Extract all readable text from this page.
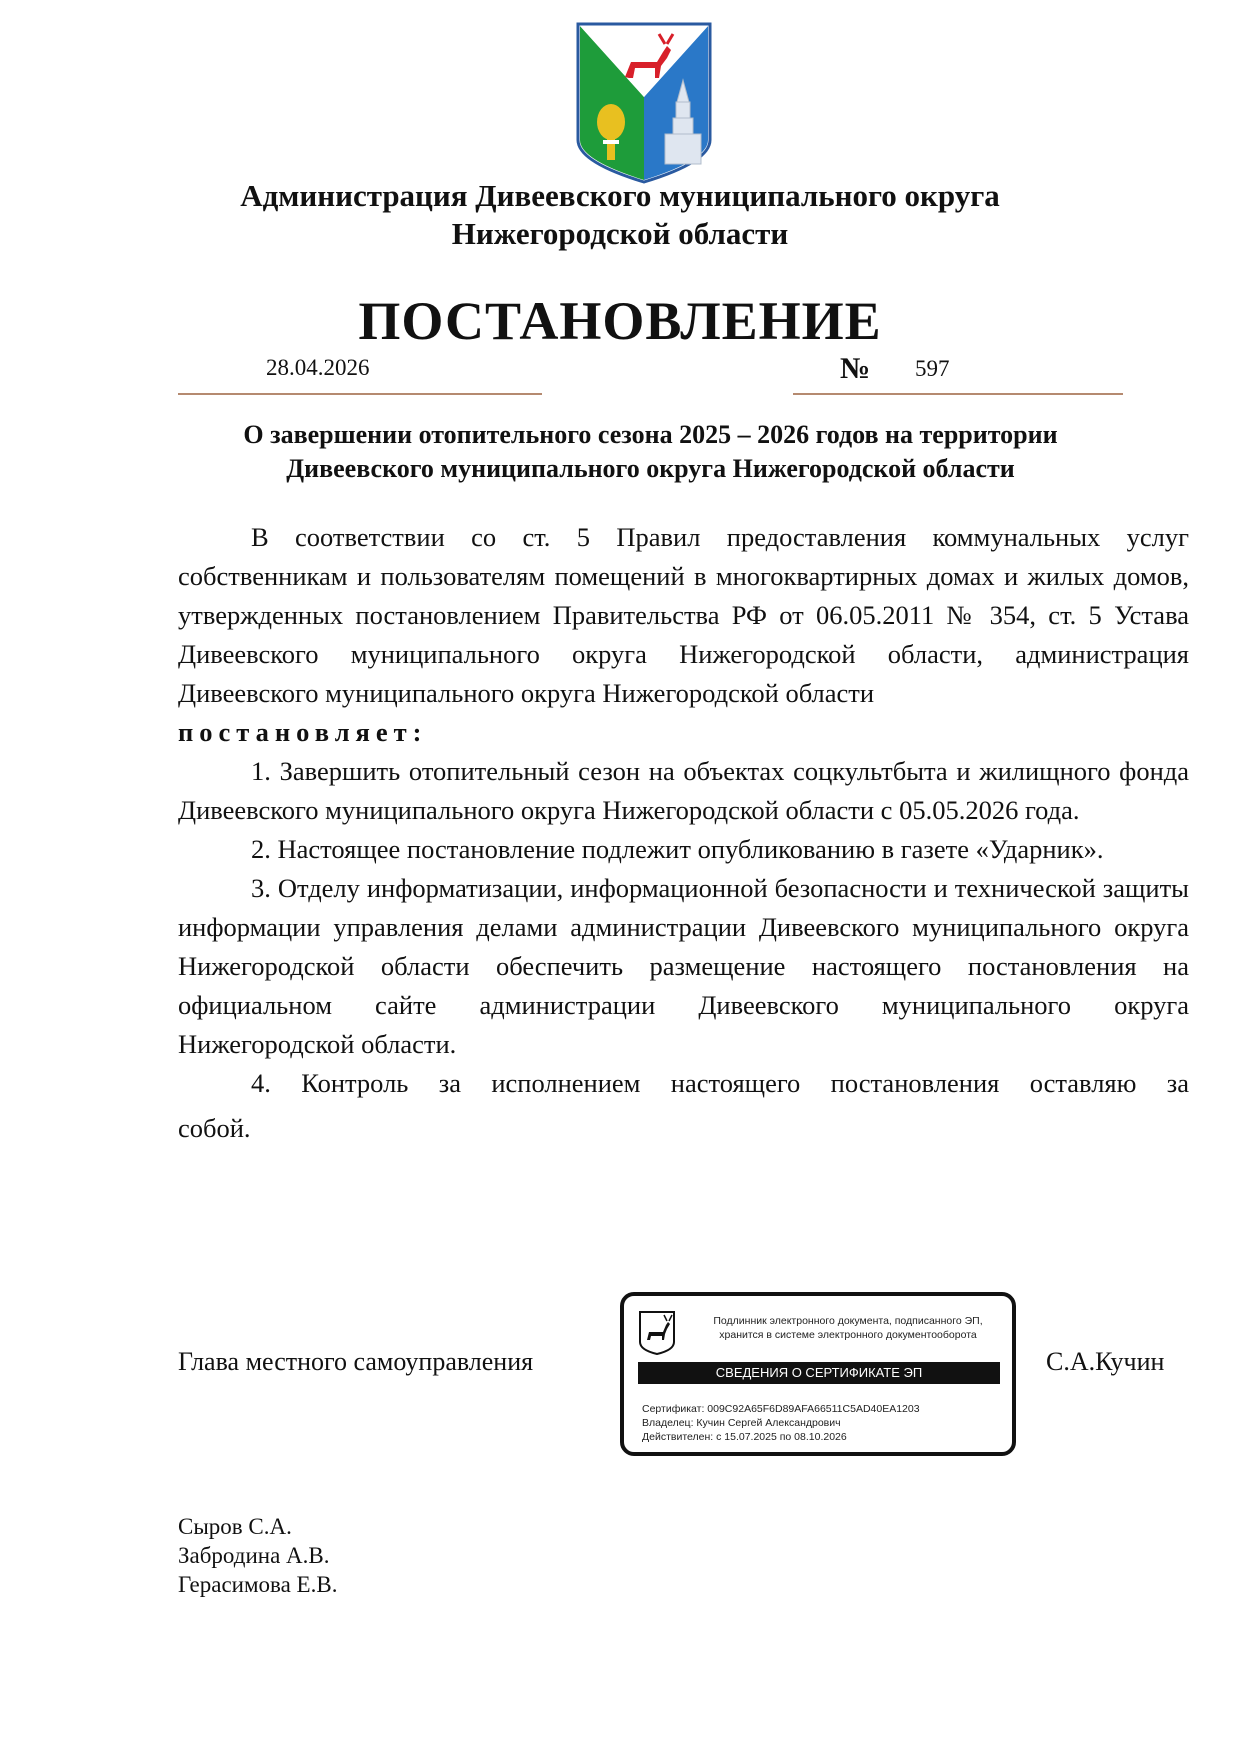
Администрация Дивеевского муниципального округа
Нижегородской области
ПОСТАНОВЛЕНИЕ
28.04.2026	№ 597
О завершении отопительного сезона 2025 – 2026 годов на территории
Дивеевского муниципального округа Нижегородской области

В соответствии со ст. 5 Правил предоставления коммунальных услуг собственникам и пользователям помещений в многоквартирных домах и жилых домов, утвержденных постановлением Правительства РФ от 06.05.2011 № 354, ст. 5 Устава Дивеевского муниципального округа Нижегородской области, администрация Дивеевского муниципального округа Нижегородской области

постановляет:

1. Завершить отопительный сезон на объектах соцкультбыта и жилищного фонда Дивеевского муниципального округа Нижегородской области с 05.05.2026 года.

2. Настоящее постановление подлежит опубликованию в газете «Ударник».

3. Отделу информатизации, информационной безопасности и технической защиты информации управления делами администрации Дивеевского муниципального округа Нижегородской области обеспечить размещение настоящего постановления на официальном сайте администрации Дивеевского муниципального округа Нижегородской области.

4. Контроль за исполнением настоящего постановления оставляю за

собой.

Глава местного самоуправления	С.А.Кучин
Подлинник электронного документа, подписанного ЭП,
хранится в системе электронного документооборота
СВЕДЕНИЯ О СЕРТИФИКАТЕ ЭП
Сертификат: 009C92A65F6D89AFA66511C5AD40EA1203
Владелец: Кучин Сергей Александрович
Действителен: с 15.07.2025 по 08.10.2026
Сыров С.А.
Забродина А.В.
Герасимова Е.В.
